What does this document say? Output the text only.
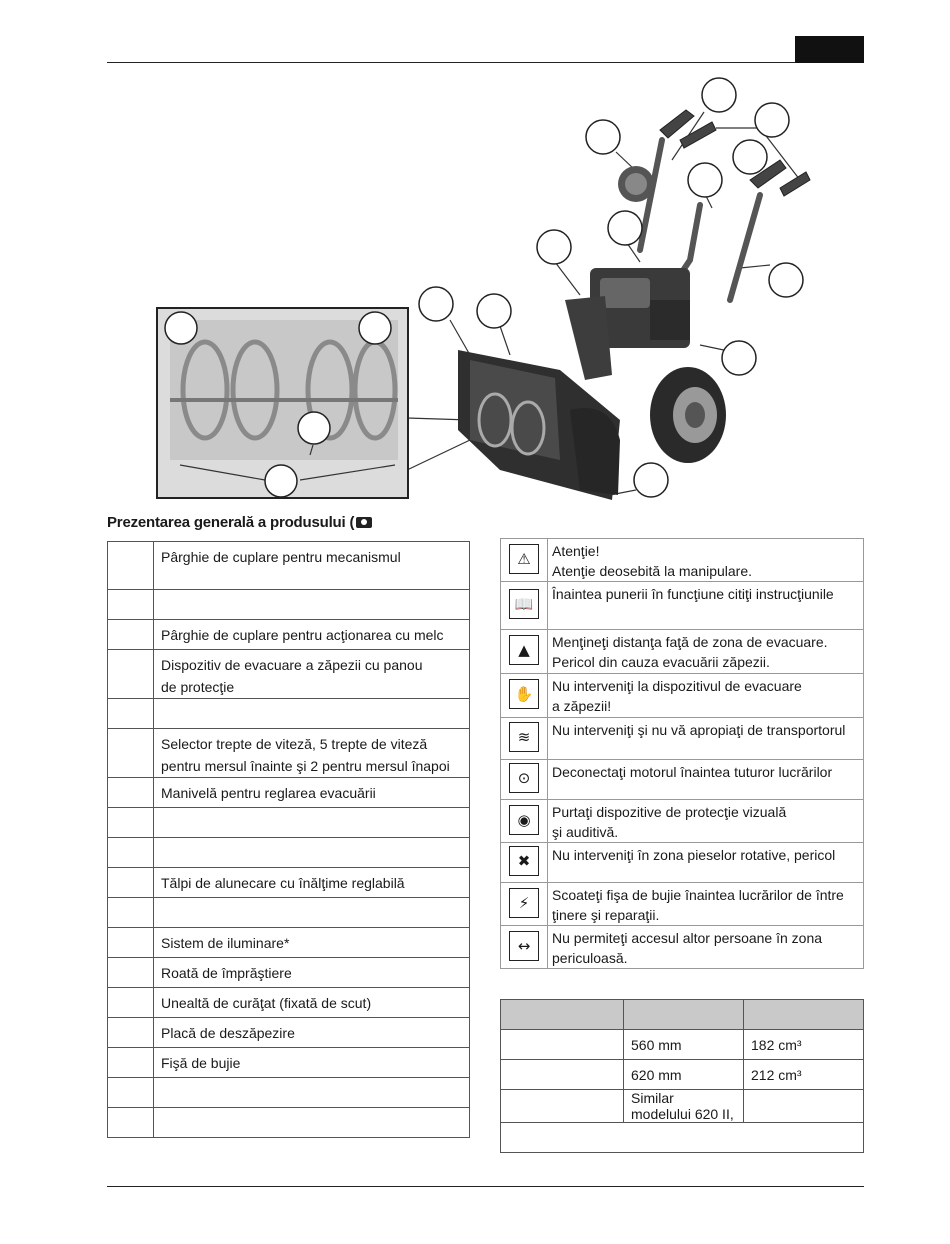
Prezentarea generală a produsului (
	Pârghie de cuplare pentru mecanismul

	Pârghie de cuplare pentru acţionarea cu melc
	Dispozitiv de evacuare a zăpezii cu panou
de protecţie

	Selector trepte de viteză, 5 trepte de viteză
pentru mersul înainte şi 2 pentru mersul înapoi
	Manivelă pentru reglarea evacuării

	Tălpi de alunecare cu înălţime reglabilă

	Sistem de iluminare*
	Roată de împrăştiere
	Unealtă de curăţat (fixată de scut)
	Placă de deszăpezire
	Fişă de bujie

⚠	Atenţie!
Atenţie deosebită la manipulare.

📖	Înaintea punerii în funcţiune citiţi instrucţiunile

▲	Menţineţi distanţa faţă de zona de evacuare.
Pericol din cauza evacuării zăpezii.

✋	Nu interveniţi la dispozitivul de evacuare
a zăpezii!

≋	Nu interveniţi şi nu vă apropiaţi de transportorul

⊙	Deconectaţi motorul înaintea tuturor lucrărilor

◉	Purtaţi dispozitive de protecţie vizuală
şi auditivă.

✖	Nu interveniţi în zona pieselor rotative, pericol

⚡	Scoateţi fişa de bujie înaintea lucrărilor de între
ţinere şi reparaţii.

↔	Nu permiteţi accesul altor persoane în zona
periculoasă.

	560 mm	182 cm³
	620 mm	212 cm³
	Similar modelului 620 II,	
